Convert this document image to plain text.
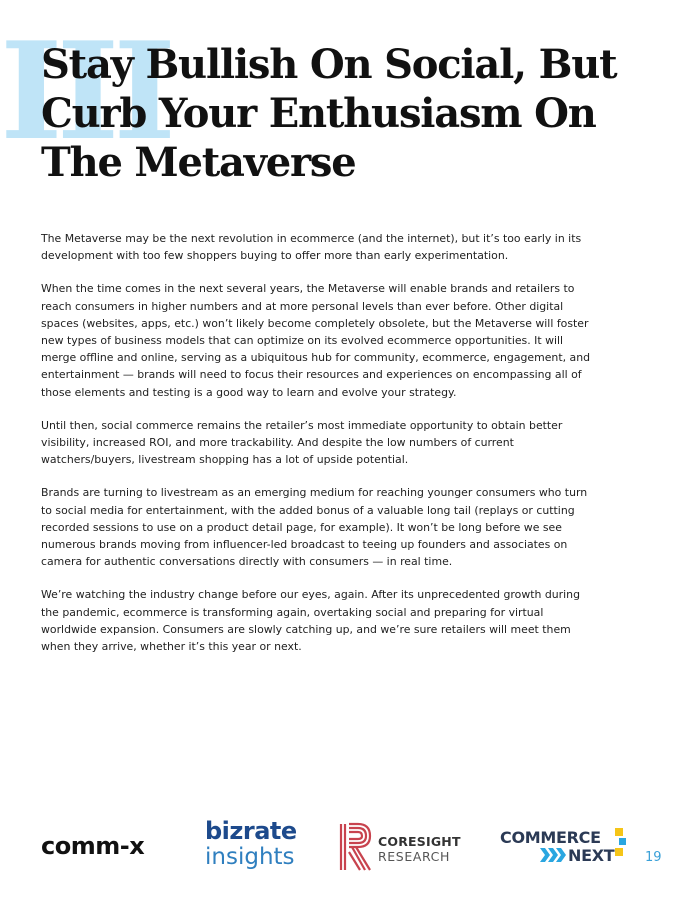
III
Stay Bullish On Social, But
Curb Your Enthusiasm On
The Metaverse

The Metaverse may be the next revolution in ecommerce (and the internet), but it’s too early in its development with too few shoppers buying to offer more than early experimentation.

When the time comes in the next several years, the Metaverse will enable brands and retailers to reach consumers in higher numbers and at more personal levels than ever before. Other digital spaces (websites, apps, etc.) won’t likely become completely obsolete, but the Metaverse will foster new types of business models that can optimize on its evolved ecommerce opportunities. It will merge offline and online, serving as a ubiquitous hub for community, ecommerce, engagement, and entertainment — brands will need to focus their resources and experiences on encompassing all of those elements and testing is a good way to learn and evolve your strategy.

Until then, social commerce remains the retailer’s most immediate opportunity to obtain better visibility, increased ROI, and more trackability. And despite the low numbers of current watchers/buyers, livestream shopping has a lot of upside potential.

Brands are turning to livestream as an emerging medium for reaching younger consumers who turn to social media for entertainment, with the added bonus of a valuable long tail (replays or cutting recorded sessions to use on a product detail page, for example). It won’t be long before we see numerous brands moving from influencer-led broadcast to teeing up founders and associates on camera for authentic conversations directly with consumers — in real time.

We’re watching the industry change before our eyes, again. After its unprecedented growth during the pandemic, ecommerce is transforming again, overtaking social and preparing for virtual worldwide expansion. Consumers are slowly catching up, and we’re sure retailers will meet them when they arrive, whether it’s this year or next.

comm-x
bizrate
insights
CORESIGHT
RESEARCH
COMMERCE
NEXT 19
